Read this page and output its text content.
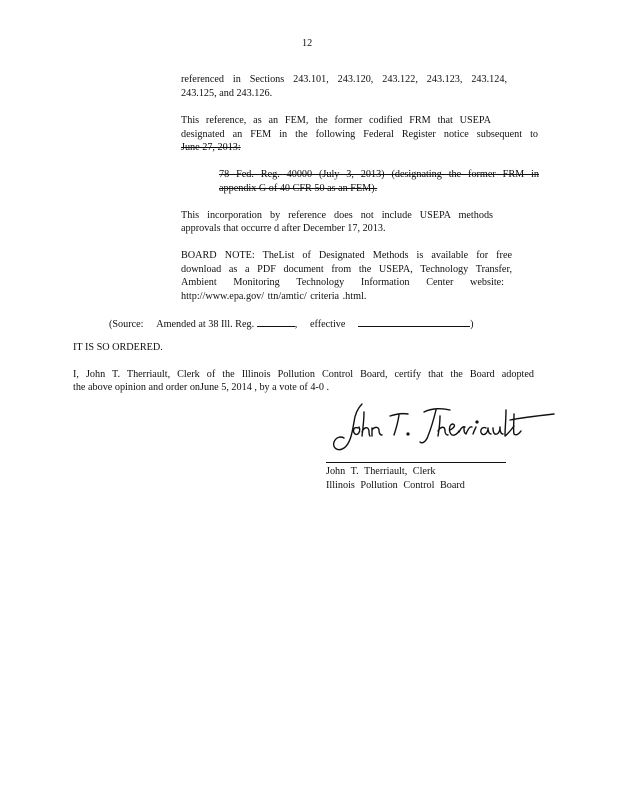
12
referenced in Sections 243.101, 243.120, 243.122, 243.123, 243.124,
243.125, and 243.126.
This reference, as an FEM, the former codified FRM that USEPA
designated an FEM in the following Federal Register notice subsequent to
June 27, 2013:
78 Fed. Reg. 40000 (July 3, 2013) (designating the former FRM in
appendix G of 40 CFR 50 as an FEM).
This incorporation by reference does not include USEPA methods
approvals that occurre d after December 17, 2013.
BOARD NOTE: TheList of Designated Methods is available for free
download as a PDF document from the USEPA, Technology Transfer,
Ambient Monitoring Technology Information Center website:
http://www.epa.gov/ ttn/amtic/ criteria .html.
(Source: Amended at 38 Ill. Reg.	, effective	)
IT IS SO ORDERED.
I, John T. Therriault, Clerk of the Illinois Pollution Control Board, certify that the Board adopted
the above opinion and order onJune 5, 2014 , by a vote of 4-0 .
John T. Therriault, Clerk
Illinois Pollution Control Board
